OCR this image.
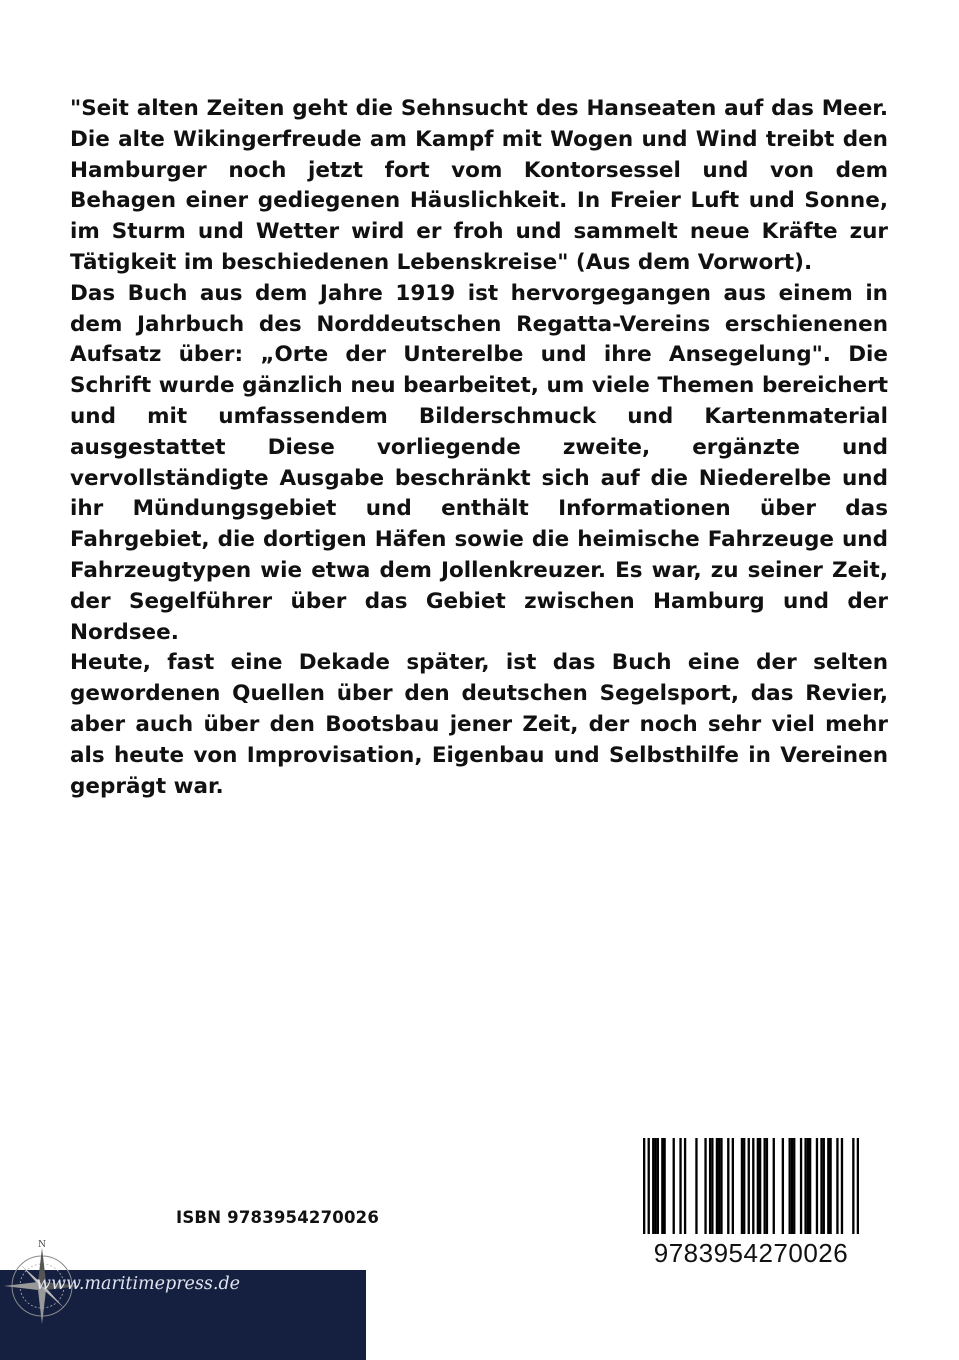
"Seit alten Zeiten geht die Sehnsucht des Hanseaten auf das Meer. Die alte Wikingerfreude am Kampf mit Wogen und Wind treibt den Hamburger noch jetzt fort vom Kontorsessel und von dem Behagen einer gediegenen Häuslichkeit. In Freier Luft und Sonne, im Sturm und Wetter wird er froh und sammelt neue Kräfte zur Tätigkeit im beschiedenen Lebenskreise" (Aus dem Vorwort).

Das Buch aus dem Jahre 1919 ist hervorgegangen aus einem in dem Jahrbuch des Norddeutschen Regatta-Vereins erschienenen Aufsatz über: „Orte der Unterelbe und ihre Ansegelung". Die Schrift wurde gänzlich neu bearbeitet, um viele Themen bereichert und mit umfassendem Bilderschmuck und Kartenmaterial ausgestattet Diese vorliegende zweite, ergänzte und vervollständigte Ausgabe beschränkt sich auf die Niederelbe und ihr Mündungsgebiet und enthält Informationen über das Fahrgebiet, die dortigen Häfen sowie die heimische Fahrzeuge und Fahrzeugtypen wie etwa dem Jollenkreuzer. Es war, zu seiner Zeit, der Segelführer über das Gebiet zwischen Hamburg und der Nordsee.

Heute, fast eine Dekade später, ist das Buch eine der selten gewordenen Quellen über den deutschen Segelsport, das Revier, aber auch über den Bootsbau jener Zeit, der noch sehr viel mehr als heute von Improvisation, Eigenbau und Selbsthilfe in Vereinen geprägt war.

ISBN 9783954270026
9783954270026
N
www.maritimepress.de
